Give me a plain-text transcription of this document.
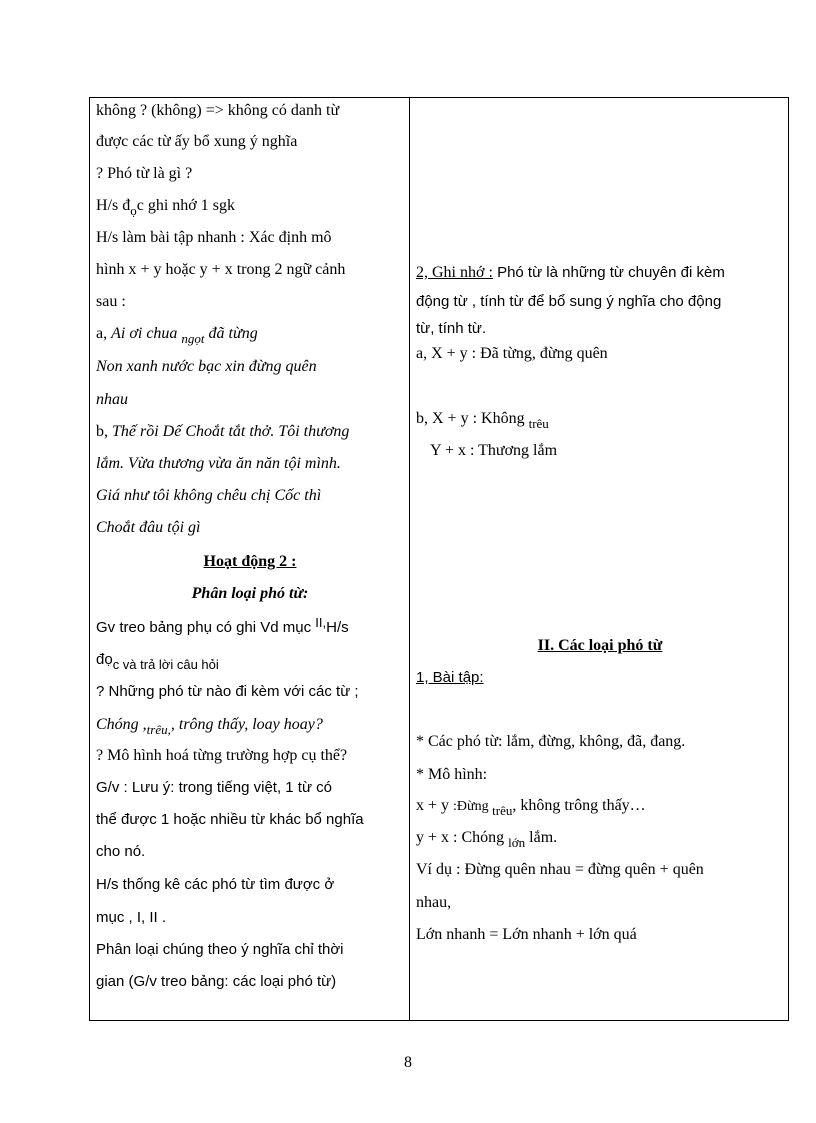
không ? (không) => không có danh từ
được các từ ấy bổ xung ý nghĩa
? Phó từ là gì ?
H/s $đ_ọc$ ghi nhớ 1 sgk
H/s làm bài tập nhanh : Xác định mô
hình x + y hoặc y + x trong 2 ngữ cảnh
sau :
a, Ai ơi chua $_{ngọt}$ đã từng
Non xanh nước bạc xin đừng quên
nhau
b, Thế rồi Dế Choắt tắt thở. Tôi thương
lắm. Vừa thương vừa ăn năn tội mình.
Giá như tôi không chêu chị Cốc thì
Choắt đâu tội gì
Hoạt động 2 :
Phân loại phó từ:
Gv treo bảng phụ có ghi Vd mục II,H/s
đọc và trả lời câu hỏi
? Những phó từ nào đi kèm với các từ ;
Chóng $,_{trêu,}$, trông thấy, loay hoay?
? Mô hình hoá từng trường hợp cụ thể?
G/v : Lưu ý: trong tiếng việt, 1 từ có
thể được 1 hoặc nhiều từ khác bổ nghĩa
cho nó.
H/s thống kê các phó từ tìm được ở
mục , I, II .
Phân loại chúng theo ý nghĩa chỉ thời
gian (G/v treo bảng: các loại phó từ)
2, Ghi nhớ : Phó từ là những từ chuyên đi kèm
động từ , tính từ để bổ sung ý nghĩa cho động
từ, tính từ.
a, X + y : Đã từng, đừng quên
b, X + y : Không $_{trêu}$
Y + x : Thương lắm
II. Các loại phó từ
1, Bài tập:
* Các phó từ: lắm, đừng, không, đã, đang.
* Mô hình:
x + y :Đừng $_{trêu}$, không trông thấy…
y + x : Chóng $_{lớn}$ lắm.
Ví dụ : Đừng quên nhau = đừng quên + quên
nhau,
Lớn nhanh = Lớn nhanh + lớn quá
8
